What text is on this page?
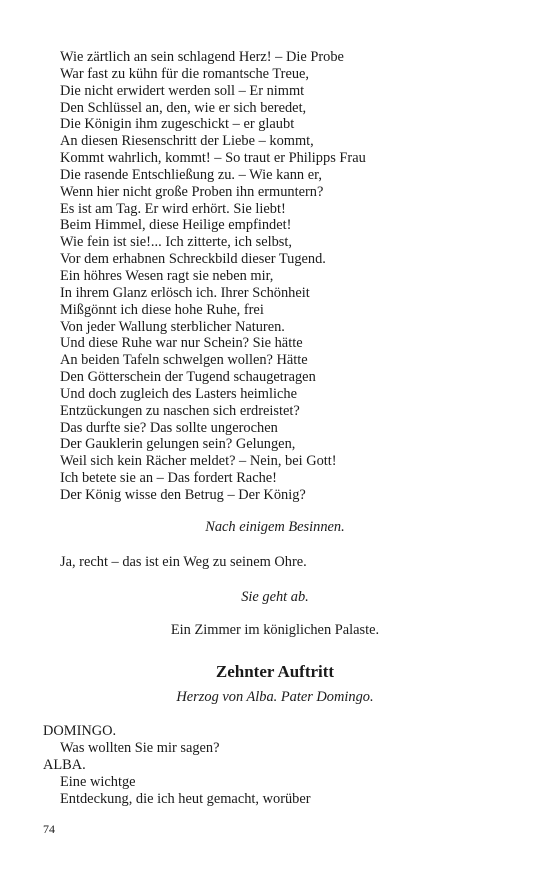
Wie zärtlich an sein schlagend Herz! – Die Probe
War fast zu kühn für die romantsche Treue,
Die nicht erwidert werden soll – Er nimmt
Den Schlüssel an, den, wie er sich beredet,
Die Königin ihm zugeschickt – er glaubt
An diesen Riesenschritt der Liebe – kommt,
Kommt wahrlich, kommt! – So traut er Philipps Frau
Die rasende Entschließung zu. – Wie kann er,
Wenn hier nicht große Proben ihn ermuntern?
Es ist am Tag. Er wird erhört. Sie liebt!
Beim Himmel, diese Heilige empfindet!
Wie fein ist sie!... Ich zitterte, ich selbst,
Vor dem erhabnen Schreckbild dieser Tugend.
Ein höhres Wesen ragt sie neben mir,
In ihrem Glanz erlösch ich. Ihrer Schönheit
Mißgönnt ich diese hohe Ruhe, frei
Von jeder Wallung sterblicher Naturen.
Und diese Ruhe war nur Schein? Sie hätte
An beiden Tafeln schwelgen wollen? Hätte
Den Götterschein der Tugend schaugetragen
Und doch zugleich des Lasters heimliche
Entzückungen zu naschen sich erdreistet?
Das durfte sie? Das sollte ungerochen
Der Gauklerin gelungen sein? Gelungen,
Weil sich kein Rächer meldet? – Nein, bei Gott!
Ich betete sie an – Das fordert Rache!
Der König wisse den Betrug – Der König?
Nach einigem Besinnen.
Ja, recht – das ist ein Weg zu seinem Ohre.
Sie geht ab.
Ein Zimmer im königlichen Palaste.
Zehnter Auftritt
Herzog von Alba. Pater Domingo.
DOMINGO.
Was wollten Sie mir sagen?
ALBA.
Eine wichtge
Entdeckung, die ich heut gemacht, worüber
74
